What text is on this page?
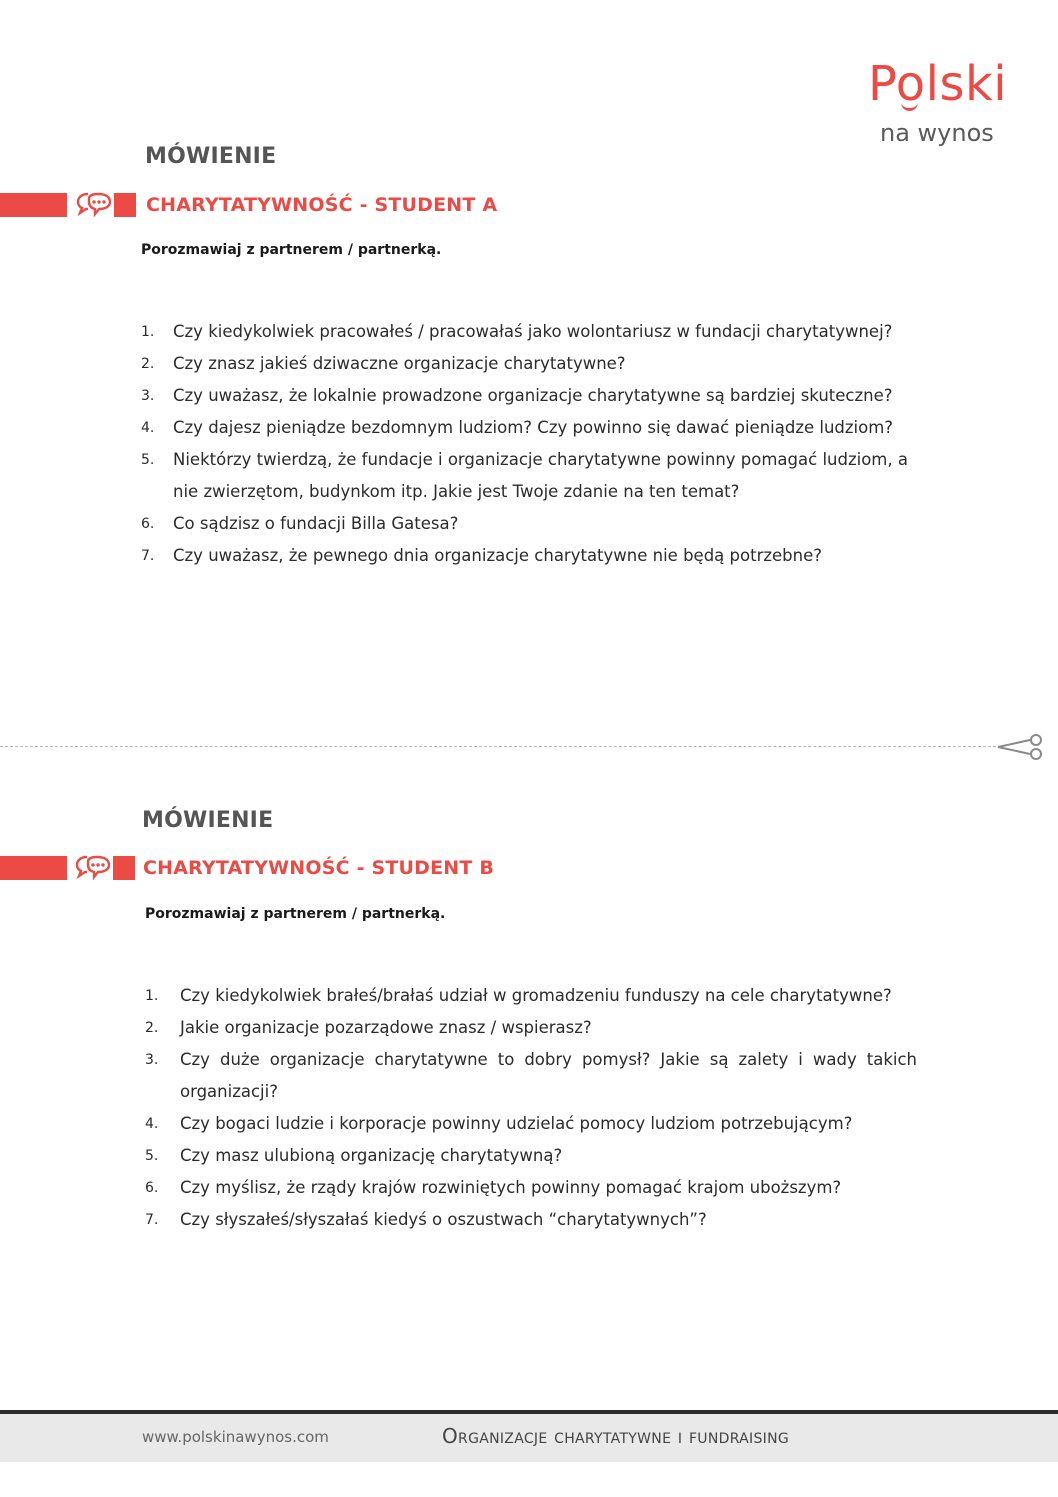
Polski
na wynos
MÓWIENIE
CHARYTATYWNOŚĆ - STUDENT A
Porozmawiaj z partnerem / partnerką.
1.	Czy kiedykolwiek pracowałeś / pracowałaś jako wolontariusz w fundacji charytatywnej?
2.	Czy znasz jakieś dziwaczne organizacje charytatywne?
3.	Czy uważasz, że lokalnie prowadzone organizacje charytatywne są bardziej skuteczne?
4.	Czy dajesz pieniądze bezdomnym ludziom? Czy powinno się dawać pieniądze ludziom?
5.	Niektórzy twierdzą, że fundacje i organizacje charytatywne powinny pomagać ludziom, a nie zwierzętom, budynkom itp. Jakie jest Twoje zdanie na ten temat?
6.	Co sądzisz o fundacji Billa Gatesa?
7.	Czy uważasz, że pewnego dnia organizacje charytatywne nie będą potrzebne?
MÓWIENIE
CHARYTATYWNOŚĆ - STUDENT B
Porozmawiaj z partnerem / partnerką.
1.	Czy kiedykolwiek brałeś/brałaś udział w gromadzeniu funduszy na cele charytatywne?
2.	Jakie organizacje pozarządowe znasz / wspierasz?
3.	Czy duże organizacje charytatywne to dobry pomysł? Jakie są zalety i wady takich organizacji?
4.	Czy bogaci ludzie i korporacje powinny udzielać pomocy ludziom potrzebującym?
5.	Czy masz ulubioną organizację charytatywną?
6.	Czy myślisz, że rządy krajów rozwiniętych powinny pomagać krajom uboższym?
7.	Czy słyszałeś/słyszałaś kiedyś o oszustwach “charytatywnych”?
www.polskinawynos.com	Organizacje charytatywne i fundraising
